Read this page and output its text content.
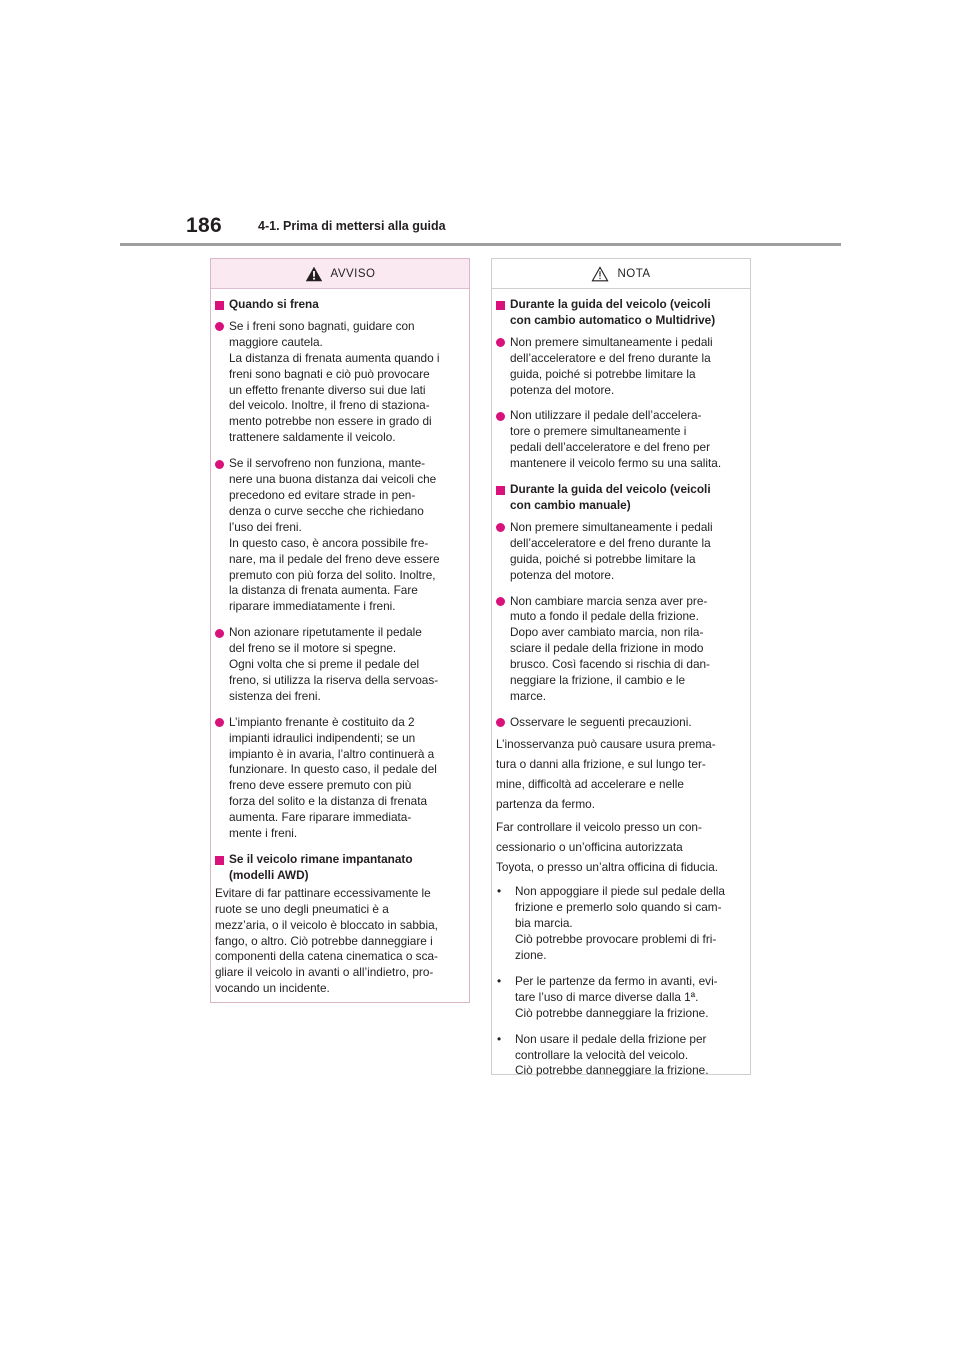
186	4-1. Prima di mettersi alla guida
AVVISO
Quando si frena
Se i freni sono bagnati, guidare con
maggiore cautela.
La distanza di frenata aumenta quando i
freni sono bagnati e ciò può provocare
un effetto frenante diverso sui due lati
del veicolo. Inoltre, il freno di staziona-
mento potrebbe non essere in grado di
trattenere saldamente il veicolo.
Se il servofreno non funziona, mante-
nere una buona distanza dai veicoli che
precedono ed evitare strade in pen-
denza o curve secche che richiedano
l’uso dei freni.
In questo caso, è ancora possibile fre-
nare, ma il pedale del freno deve essere
premuto con più forza del solito. Inoltre,
la distanza di frenata aumenta. Fare
riparare immediatamente i freni.
Non azionare ripetutamente il pedale
del freno se il motore si spegne.
Ogni volta che si preme il pedale del
freno, si utilizza la riserva della servoas-
sistenza dei freni.
L’impianto frenante è costituito da 2
impianti idraulici indipendenti; se un
impianto è in avaria, l’altro continuerà a
funzionare. In questo caso, il pedale del
freno deve essere premuto con più
forza del solito e la distanza di frenata
aumenta. Fare riparare immediata-
mente i freni.
Se il veicolo rimane impantanato
(modelli AWD)
Evitare di far pattinare eccessivamente le
ruote se uno degli pneumatici è a
mezz’aria, o il veicolo è bloccato in sabbia,
fango, o altro. Ciò potrebbe danneggiare i
componenti della catena cinematica o sca-
gliare il veicolo in avanti o all’indietro, pro-
vocando un incidente.
NOTA
Durante la guida del veicolo (veicoli
con cambio automatico o Multidrive)
Non premere simultaneamente i pedali
dell’acceleratore e del freno durante la
guida, poiché si potrebbe limitare la
potenza del motore.
Non utilizzare il pedale dell’accelera-
tore o premere simultaneamente i
pedali dell’acceleratore e del freno per
mantenere il veicolo fermo su una salita.
Durante la guida del veicolo (veicoli
con cambio manuale)
Non premere simultaneamente i pedali
dell’acceleratore e del freno durante la
guida, poiché si potrebbe limitare la
potenza del motore.
Non cambiare marcia senza aver pre-
muto a fondo il pedale della frizione.
Dopo aver cambiato marcia, non rila-
sciare il pedale della frizione in modo
brusco. Così facendo si rischia di dan-
neggiare la frizione, il cambio e le
marce.
Osservare le seguenti precauzioni.
L’inosservanza può causare usura prema-
tura o danni alla frizione, e sul lungo ter-
mine, difficoltà ad accelerare e nelle
partenza da fermo.
Far controllare il veicolo presso un con-
cessionario o un’officina autorizzata
Toyota, o presso un’altra officina di fiducia.
•	Non appoggiare il piede sul pedale della
frizione e premerlo solo quando si cam-
bia marcia.
Ciò potrebbe provocare problemi di fri-
zione.
•	Per le partenze da fermo in avanti, evi-
tare l’uso di marce diverse dalla 1ª.
Ciò potrebbe danneggiare la frizione.
•	Non usare il pedale della frizione per
controllare la velocità del veicolo.
Ciò potrebbe danneggiare la frizione.
